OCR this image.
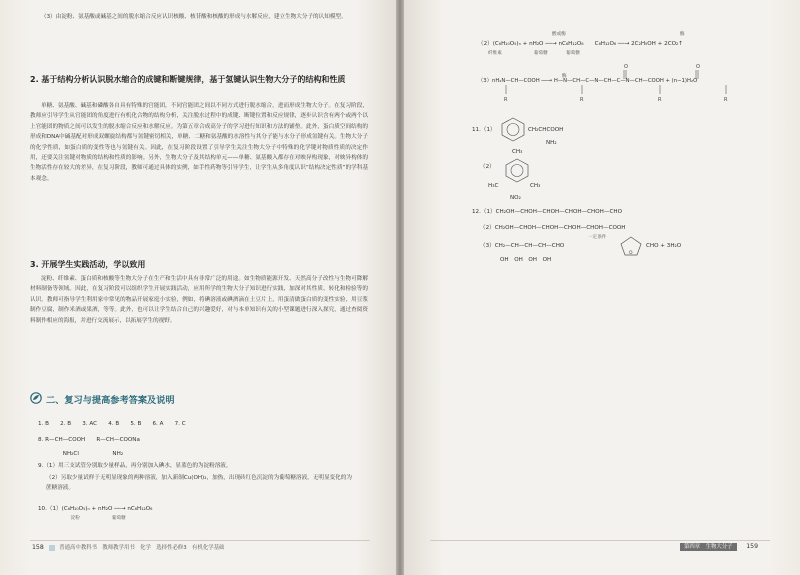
（3）由淀粉、氨基酸或碱基之间的脱水缩合反应认识核酸、核苷酸和核酸的形成与水解反应，建立生物大分子的认知模型。

2. 基于结构分析认识脱水缩合的成键和断键规律，基于氢键认识生物大分子的结构和性质

单糖、氨基酸、碱基和磷酸各自具有特殊的官能团，不同官能团之间以不同方式进行脱水缩合，进而形成生物大分子。在复习阶段，教师应引导学生从官能团的角度进行有机化合物的结构分析，关注脱水过程中的成键、断键位置和反应规律，逐步认识含有两个或两个以上官能团的物质之间可以发生的脱水缩合反应和水解反应。为第五章合成高分子的学习进行知识和方法的铺垫。此外，蛋白质空间结构的形成和DNA中碱基配对形成双螺旋结构都与氢键密切相关，单糖、二糖和氨基酸的水溶性与其分子能与水分子形成氢键有关。生物大分子的化学性质，如蛋白质的变性等也与氢键有关。因此，在复习阶段设置了引导学生关注生物大分子中特殊的化学键对物质性质的决定作用，还要关注氢键对物质的结构和性质的影响。另外，生物大分子及其结构单元——单糖、氨基酸入都存在对映异构现象，对映异构体的生物活性存在较大的差异，在复习阶段，教师可通过具体的实例，如手性药物等引导学生，让学生从多角度认识“结构决定性质”的学科基本观念。

3. 开展学生实践活动，学以致用

淀粉、纤维素、蛋白质和核酸等生物大分子在生产和生活中具有非常广泛的用途。如生物质能源开发、天然高分子改性与生物可降解材料制备等领域。因此，在复习阶段可以组织学生开展实践活动，应用所学的生物大分子知识进行实践，加深对其性质、转化和检验等的认识。教师可指导学生利用家中常见的物品开展家庭小实验，例如，将碘溶液或碘酒滴在土豆片上，用蛋清做蛋白质的变性实验，用豆浆制作豆腐，制作米酒或果酒，等等。此外，也可以让学生结合自己的兴趣爱好，对与本单知识有关的小型课题进行深入探究，通过查阅资料制作相应的海报，并进行交流展示，以拓展学生的视野。

二、复习与提高参考答案及说明

1. B　　2. B　　3. AC　　4. B　　5. B　　6. A　　7. C
8. R—CH—COOH　　R—CH—COONa
　　　NH₂Cl　　　　　　NH₂
9.（1）用三支试管分别取少量样品，再分别加入碘水，显蓝色的为淀粉溶液。
（2）另取少量试样于无明显现象的两种溶液，加入新制Cu(OH)₂，加热，出现砖红色沉淀的为葡萄糖溶液，无明显变化的为蔗糖溶液。
10.（1）(C₆H₁₀O₅)ₙ + nH₂O ──→ nC₆H₁₂O₆
　淀粉　　　　　　　葡萄糖
158	普通高中教科书　教师教学用书　化学　选择性必修3　有机化学基础
（2）(C₆H₁₀O₅)ₙ + nH₂O ──→ nC₆H₁₂O₆　　C₆H₁₂O₆ ──→ 2C₂H₅OH + 2CO₂↑
纤维素　　　　　　　葡萄糖　　　　葡萄糖
酸或酶	酶
酶
O	O
R	R	R	R
（3）nH₂N—CH—COOH ──→ H—N—CH—C—N—CH—C—N—CH—COOH + (n−1)H₂O
11.（1）	CH₂CHCOOH
NH₂
（2）
CH₃
H₃C	CH₃
NO₂
12.（1）CH₂OH—CHOH—CHOH—CHOH—CHOH—CHO
（2）CH₂OH—CHOH—CHOH—CHOH—CHOH—COOH
一定条件
（3）CH₂—CH—CH—CH—CHO
OH　OH　OH　OH
O
CHO + 3H₂O
第四章　生物大分子 159
